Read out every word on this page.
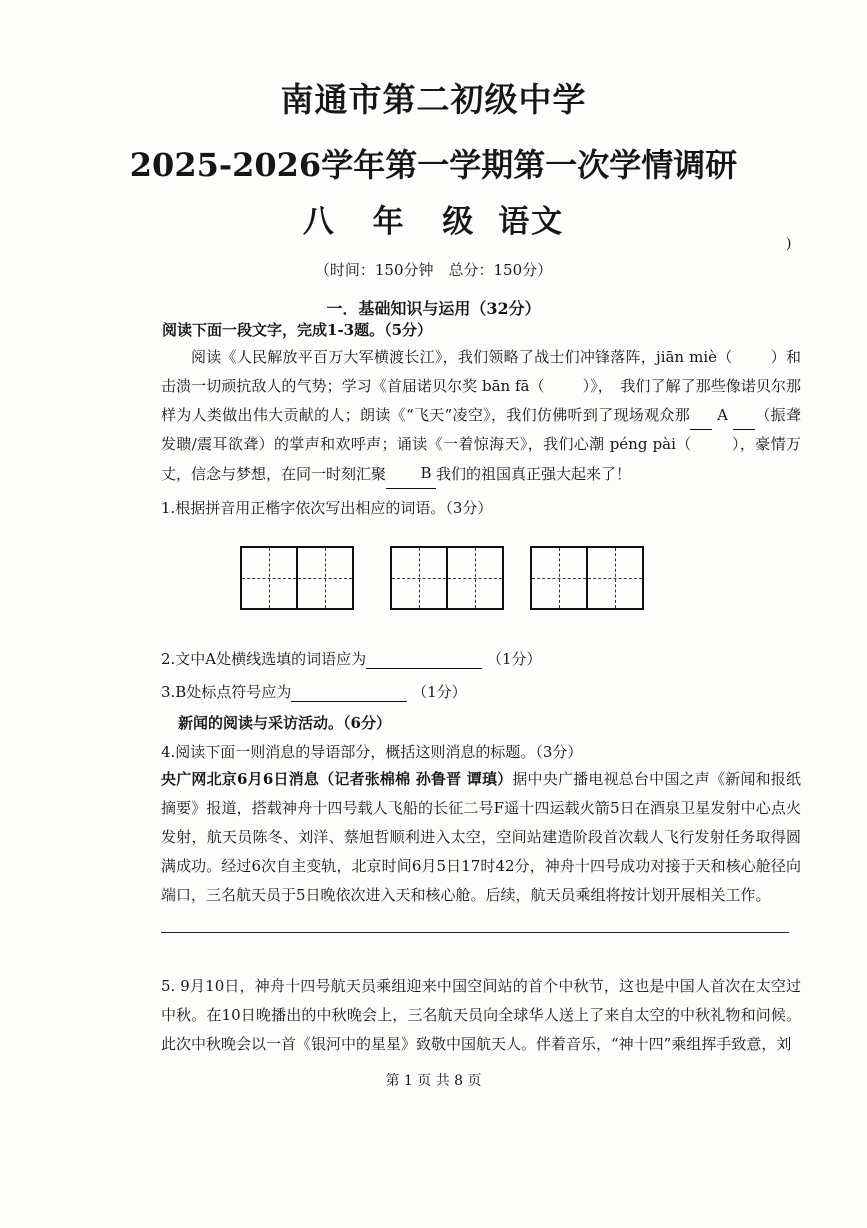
南通市第二初级中学
2025-2026学年第一学期第一次学情调研
八 年 级 语文
)
（时间：150分钟　总分：150分）
一．基础知识与运用（32分）
阅读下面一段文字，完成1-3题。（5分）
阅读《人民解放平百万大军横渡长江》，我们领略了战士们冲锋落阵，jiān miè（	）和击溃一切顽抗敌人的气势；学习《首届诺贝尔奖 bān fā（	）》，　我们了解了那些像诺贝尔那样为人类做出伟大贡献的人；朗读《“飞天”凌空》，我们仿佛听到了现场观众那 A （振聋发聩/震耳欲聋）的掌声和欢呼声；诵读《一着惊海天》，我们心潮 péng pài（	），豪情万丈，信念与梦想，在同一时刻汇聚 B 我们的祖国真正强大起来了！
1.根据拼音用正楷字依次写出相应的词语。（3分）
2.文中A处横线选填的词语应为	（1分）
3.B处标点符号应为	（1分）
新闻的阅读与采访活动。（6分）
4.阅读下面一则消息的导语部分，概括这则消息的标题。（3分）
央广网北京6月6日消息（记者张棉棉 孙鲁晋 谭瑱）据中央广播电视总台中国之声《新闻和报纸摘要》报道，搭载神舟十四号载人飞船的长征二号F遥十四运载火箭5日在酒泉卫星发射中心点火发射，航天员陈冬、刘洋、蔡旭哲顺利进入太空，空间站建造阶段首次载人飞行发射任务取得圆满成功。经过6次自主变轨，北京时间6月5日17时42分，神舟十四号成功对接于天和核心舱径向端口，三名航天员于5日晚依次进入天和核心舱。后续，航天员乘组将按计划开展相关工作。
5. 9月10日，神舟十四号航天员乘组迎来中国空间站的首个中秋节，这也是中国人首次在太空过中秋。在10日晚播出的中秋晚会上，三名航天员向全球华人送上了来自太空的中秋礼物和问候。此次中秋晚会以一首《银河中的星星》致敬中国航天人。伴着音乐，“神十四”乘组挥手致意，刘
第 1 页 共 8 页
